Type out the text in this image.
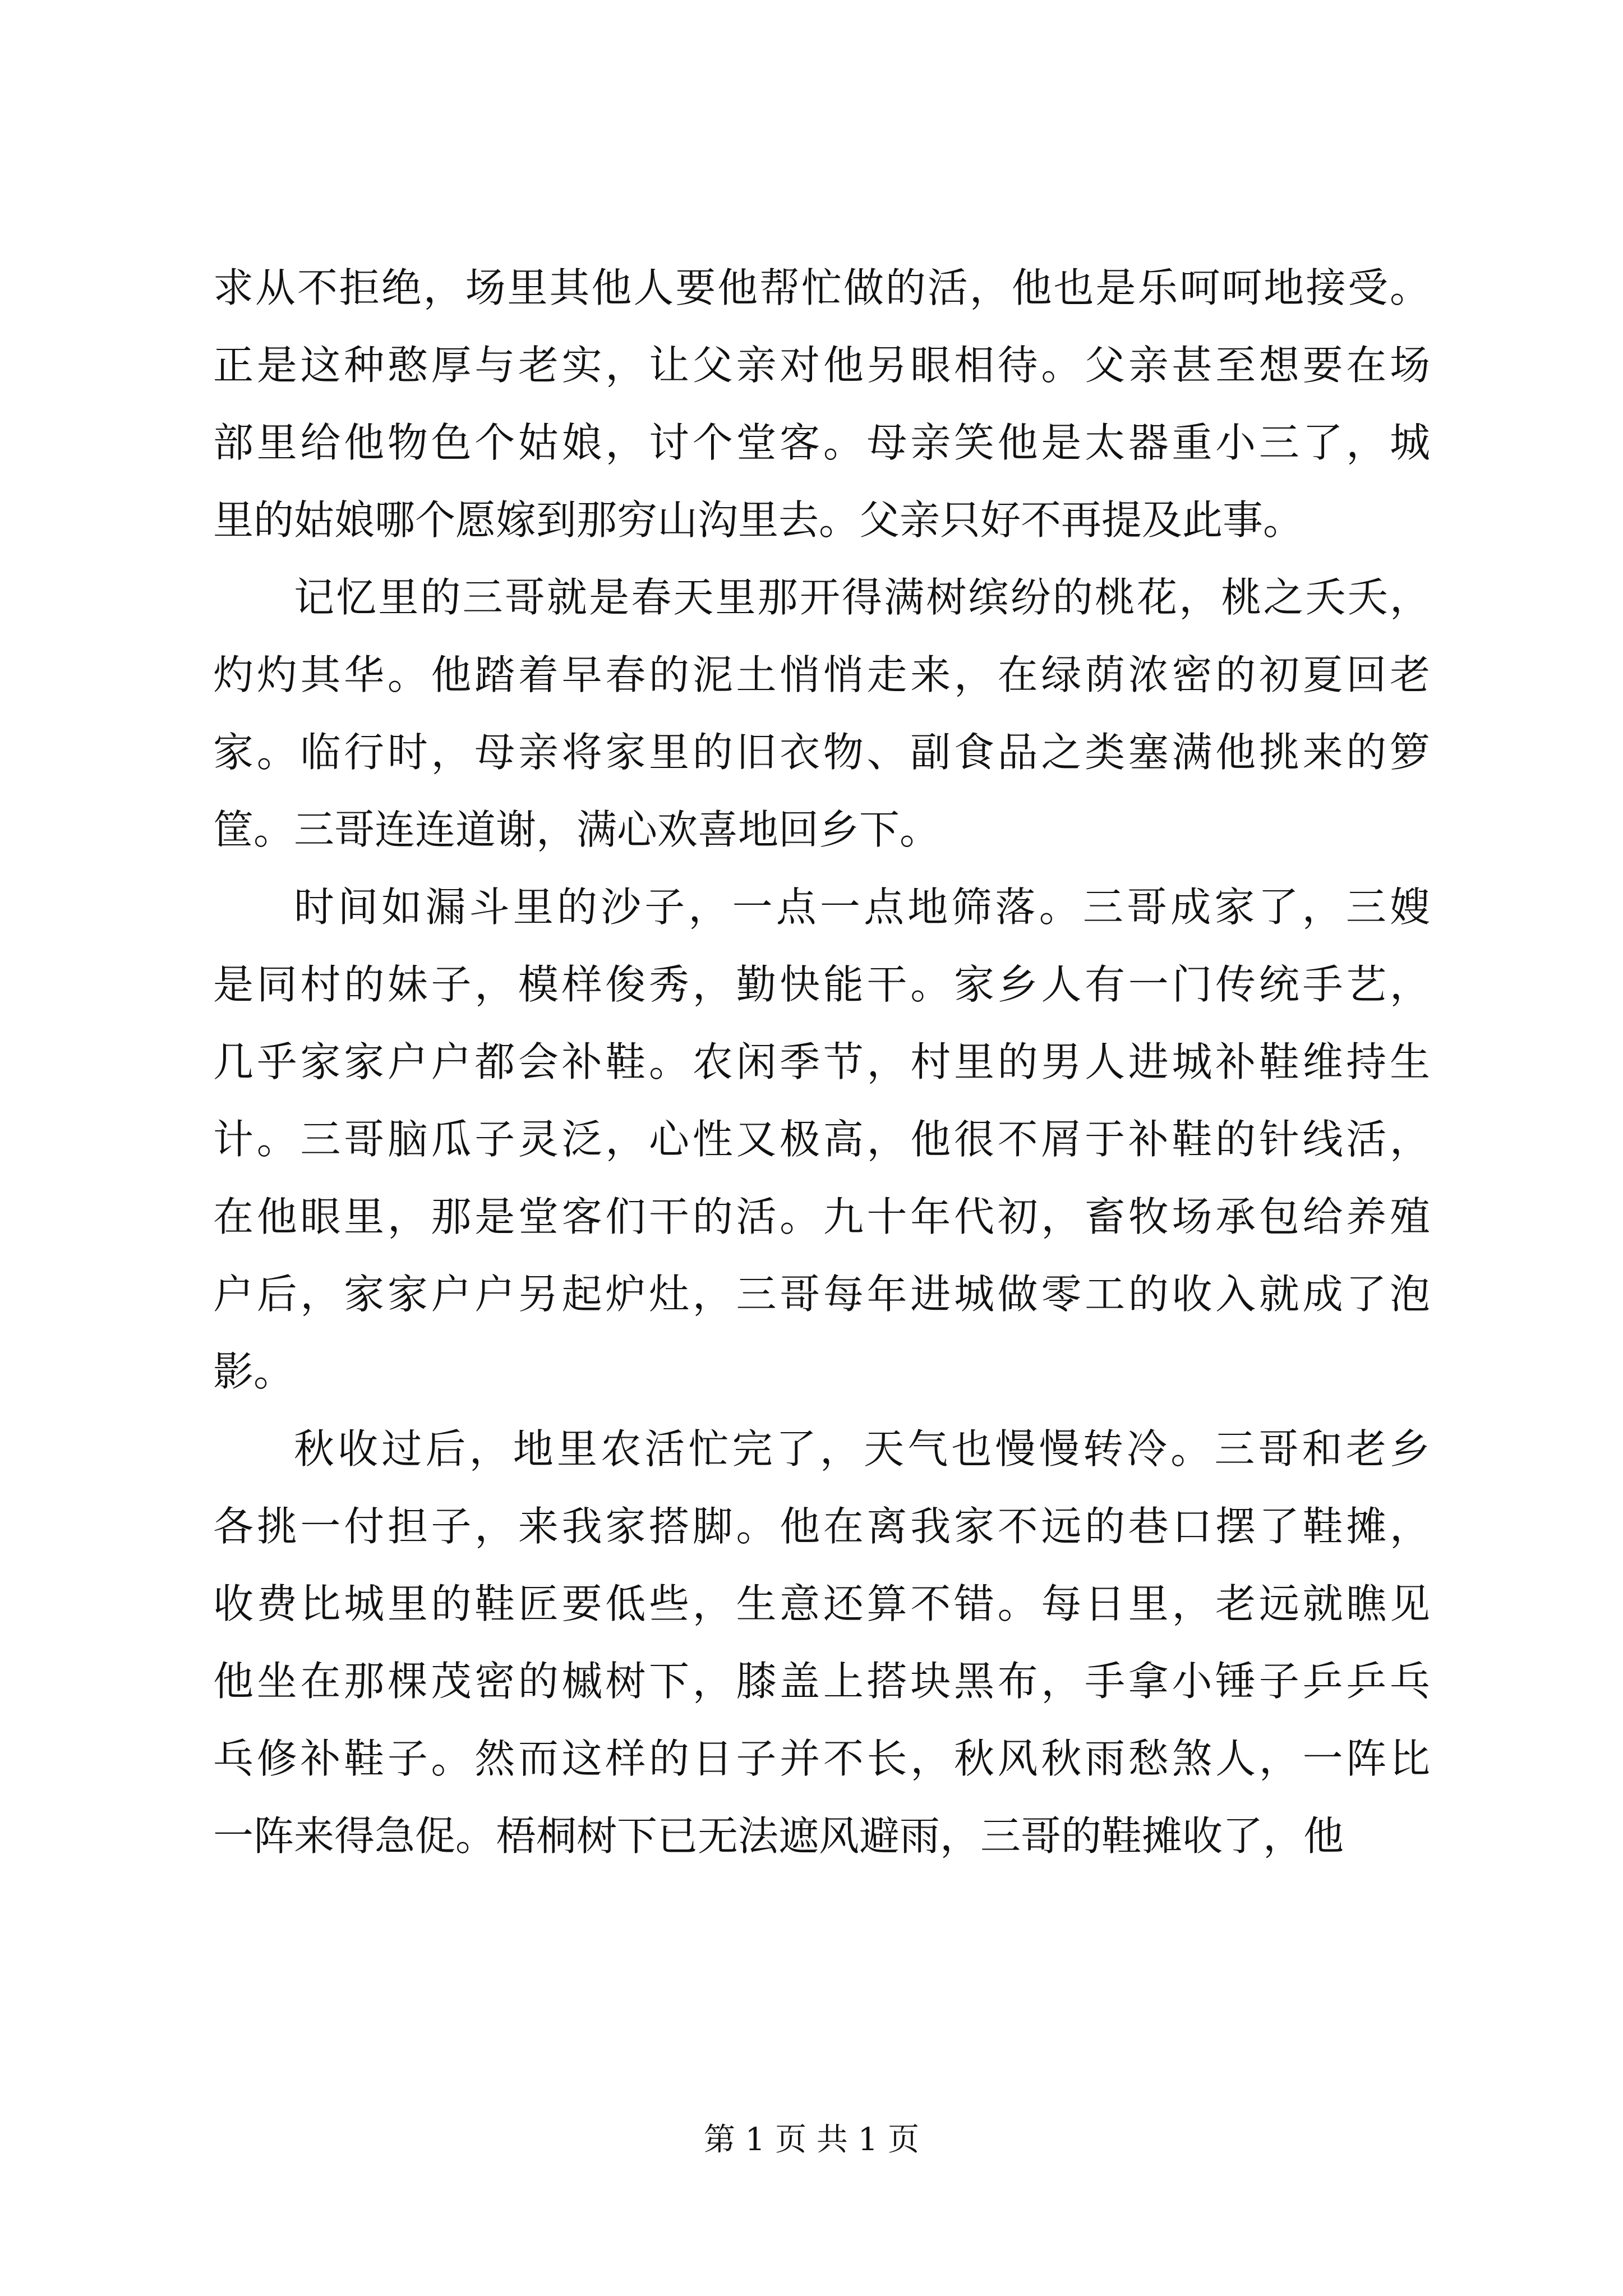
求从不拒绝，场里其他人要他帮忙做的活，他也是乐呵呵地接受。
正是这种憨厚与老实，让父亲对他另眼相待。父亲甚至想要在场
部里给他物色个姑娘，讨个堂客。母亲笑他是太器重小三了，城
里的姑娘哪个愿嫁到那穷山沟里去。父亲只好不再提及此事。
记忆里的三哥就是春天里那开得满树缤纷的桃花，桃之夭夭，
灼灼其华。他踏着早春的泥土悄悄走来，在绿荫浓密的初夏回老
家。临行时，母亲将家里的旧衣物、副食品之类塞满他挑来的箩
筐。三哥连连道谢，满心欢喜地回乡下。
时间如漏斗里的沙子，一点一点地筛落。三哥成家了，三嫂
是同村的妹子，模样俊秀，勤快能干。家乡人有一门传统手艺，
几乎家家户户都会补鞋。农闲季节，村里的男人进城补鞋维持生
计。三哥脑瓜子灵泛，心性又极高，他很不屑于补鞋的针线活，
在他眼里，那是堂客们干的活。九十年代初，畜牧场承包给养殖
户后，家家户户另起炉灶，三哥每年进城做零工的收入就成了泡
影。
秋收过后，地里农活忙完了，天气也慢慢转冷。三哥和老乡
各挑一付担子，来我家搭脚。他在离我家不远的巷口摆了鞋摊，
收费比城里的鞋匠要低些，生意还算不错。每日里，老远就瞧见
他坐在那棵茂密的槭树下，膝盖上搭块黑布，手拿小锤子乒乒乓
乓修补鞋子。然而这样的日子并不长，秋风秋雨愁煞人，一阵比
一阵来得急促。梧桐树下已无法遮风避雨，三哥的鞋摊收了，他
第 1 页 共 1 页
